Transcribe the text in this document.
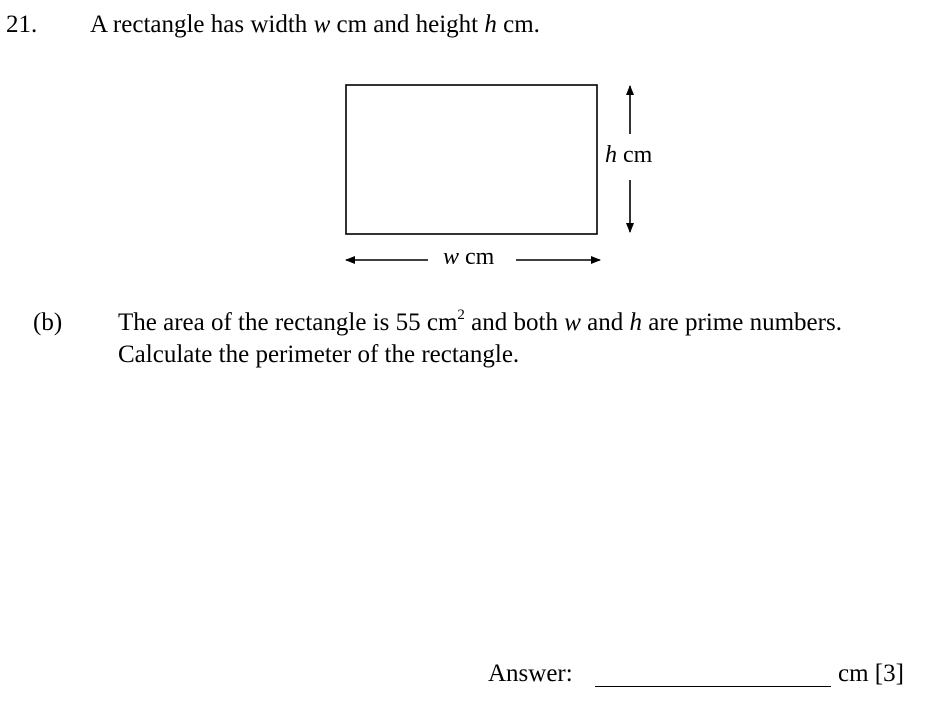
21. A rectangle has width w cm and height h cm.
h cm
w cm
(b) The area of the rectangle is 55 $cm^2$ and both w and h are prime numbers.
Calculate the perimeter of the rectangle.
Answer:	cm [3]
